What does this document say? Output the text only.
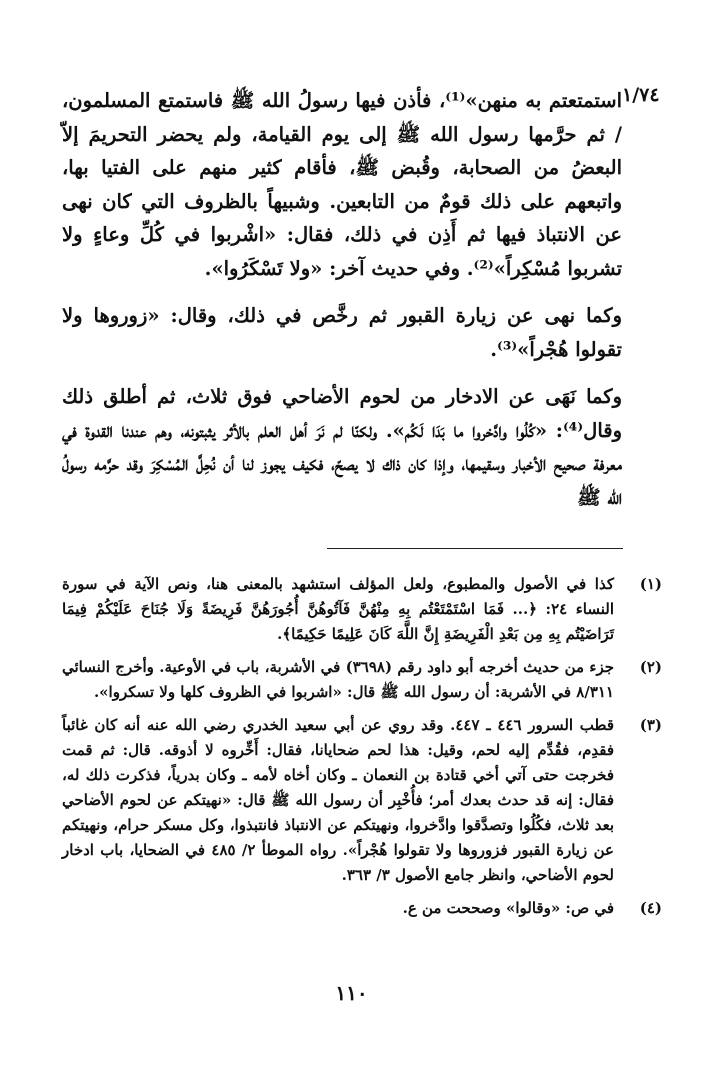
١/٧٤

استمتعتم به منهن»⁽¹⁾، فأذن فيها رسولُ الله ﷺ فاستمتع المسلمون، / ثم حرَّمها رسول الله ﷺ إلى يوم القيامة، ولم يحضر التحريمَ إلاّ البعضُ من الصحابة، وقُبض ﷺ، فأقام كثير منهم على الفتيا بها، واتبعهم على ذلك قومٌ من التابعين. وشبيهاً بالظروف التي كان نهى عن الانتباذ فيها ثم أَذِن في ذلك، فقال: «اشْربوا في كُلِّ وعاءٍ ولا تشربوا مُسْكِراً»⁽²⁾. وفي حديث آخر: «ولا تَسْكَرُوا».

وكما نهى عن زيارة القبور ثم رخَّص في ذلك، وقال: «زوروها ولا تقولوا هُجْراً»⁽³⁾.

وكما نَهَى عن الادخار من لحوم الأضاحي فوق ثلاث، ثم أطلق ذلك وقال⁽⁴⁾: «كُلُوا وادَّخروا ما بَدَا لَكُم». ولكنّا لم نَرَ أهل العلم بالأثر يثبتونه، وهم عندنا القدوة في معرفة صحيح الأخبار وسقيمها، وإذا كان ذاك لا يصحّ، فكيف يجوز لنا أن نُحِلَّ المُسْكِرَ وقد حرَّمه رسولُ الله ﷺ

(١)
كذا في الأصول والمطبوع، ولعل المؤلف استشهد بالمعنى هنا، ونص الآية في سورة النساء ٢٤: ﴿... فَمَا اسْتَمْتَعْتُم بِهِ مِنْهُنَّ فَآتُوهُنَّ أُجُورَهُنَّ فَرِيضَةً وَلَا جُنَاحَ عَلَيْكُمْ فِيمَا تَرَاضَيْتُم بِهِ مِن بَعْدِ الْفَرِيضَةِ إِنَّ اللَّهَ كَانَ عَلِيمًا حَكِيمًا﴾.
(٢)
جزء من حديث أخرجه أبو داود رقم (٣٦٩٨) في الأشربة، باب في الأوعية. وأخرج النسائي ٨/٣١١ في الأشربة: أن رسول الله ﷺ قال: «اشربوا في الظروف كلها ولا تسكروا».
(٣)
قطب السرور ٤٤٦ ـ ٤٤٧. وقد روي عن أبي سعيد الخدري رضي الله عنه أنه كان غائباً فقدِم، فقُدِّم إليه لحم، وقيل: هذا لحم ضحايانا، فقال: أَخِّروه لا أذوقه. قال: ثم قمت فخرجت حتى آتي أخي قتادة بن النعمان ـ وكان أخاه لأمه ـ وكان بدرياً، فذكرت ذلك له، فقال: إنه قد حدث بعدك أمر؛ فأُخْبِر أن رسول الله ﷺ قال: «نهيتكم عن لحوم الأضاحي بعد ثلاث، فكُلُوا وتصدَّقوا وادَّخروا، ونهيتكم عن الانتباذ فانتبذوا، وكل مسكر حرام، ونهيتكم عن زيارة القبور فزوروها ولا تقولوا هُجْراً». رواه الموطأ ٢/ ٤٨٥ في الضحايا، باب ادخار لحوم الأضاحي، وانظر جامع الأصول ٣/ ٣٦٣.
(٤)
في ص: «وقالوا» وصححت من ع.
١١٠
